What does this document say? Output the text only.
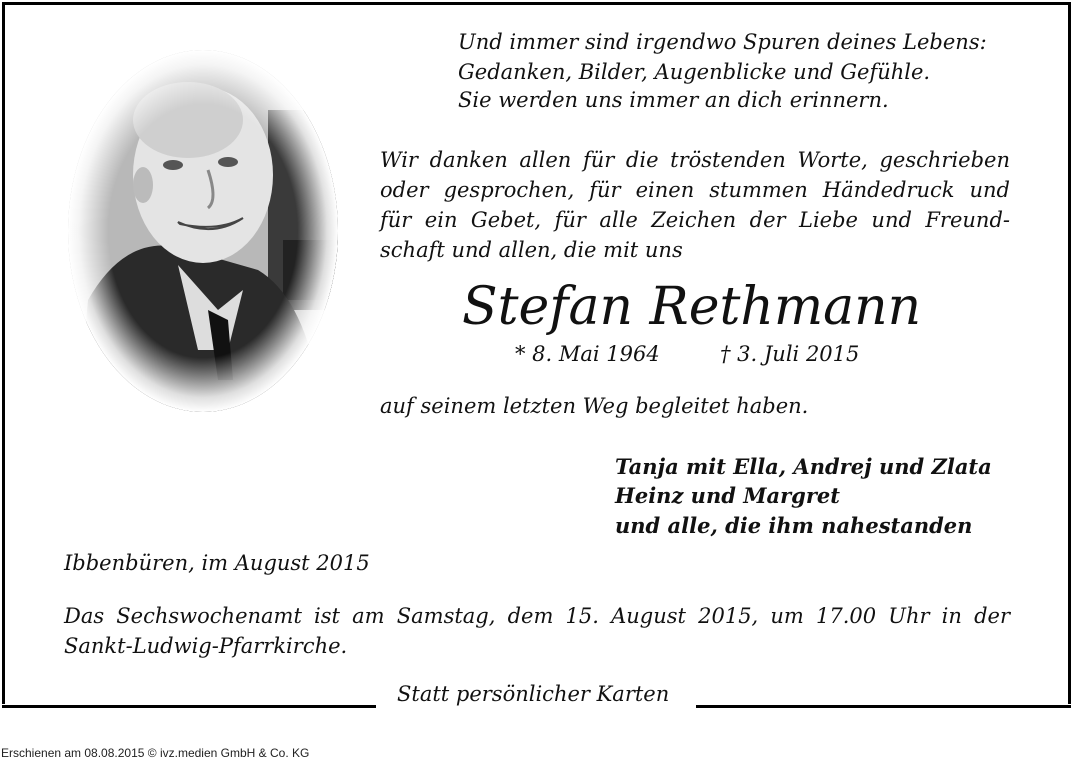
Und immer sind irgendwo Spuren deines Lebens:
Gedanken, Bilder, Augenblicke und Gefühle.
Sie werden uns immer an dich erinnern.
Wir danken allen für die tröstenden Worte, geschrieben
oder gesprochen, für einen stummen Händedruck und
für ein Gebet, für alle Zeichen der Liebe und Freund-
schaft und allen, die mit uns
Stefan Rethmann
* 8. Mai 1964	† 3. Juli 2015
auf seinem letzten Weg begleitet haben.
Tanja mit Ella, Andrej und Zlata
Heinz und Margret
und alle, die ihm nahestanden
Ibbenbüren, im August 2015
Das Sechswochenamt ist am Samstag, dem 15. August 2015, um 17.00 Uhr in der
Sankt-Ludwig-Pfarrkirche.
Statt persönlicher Karten
Erschienen am 08.08.2015 © ivz.medien GmbH & Co. KG
